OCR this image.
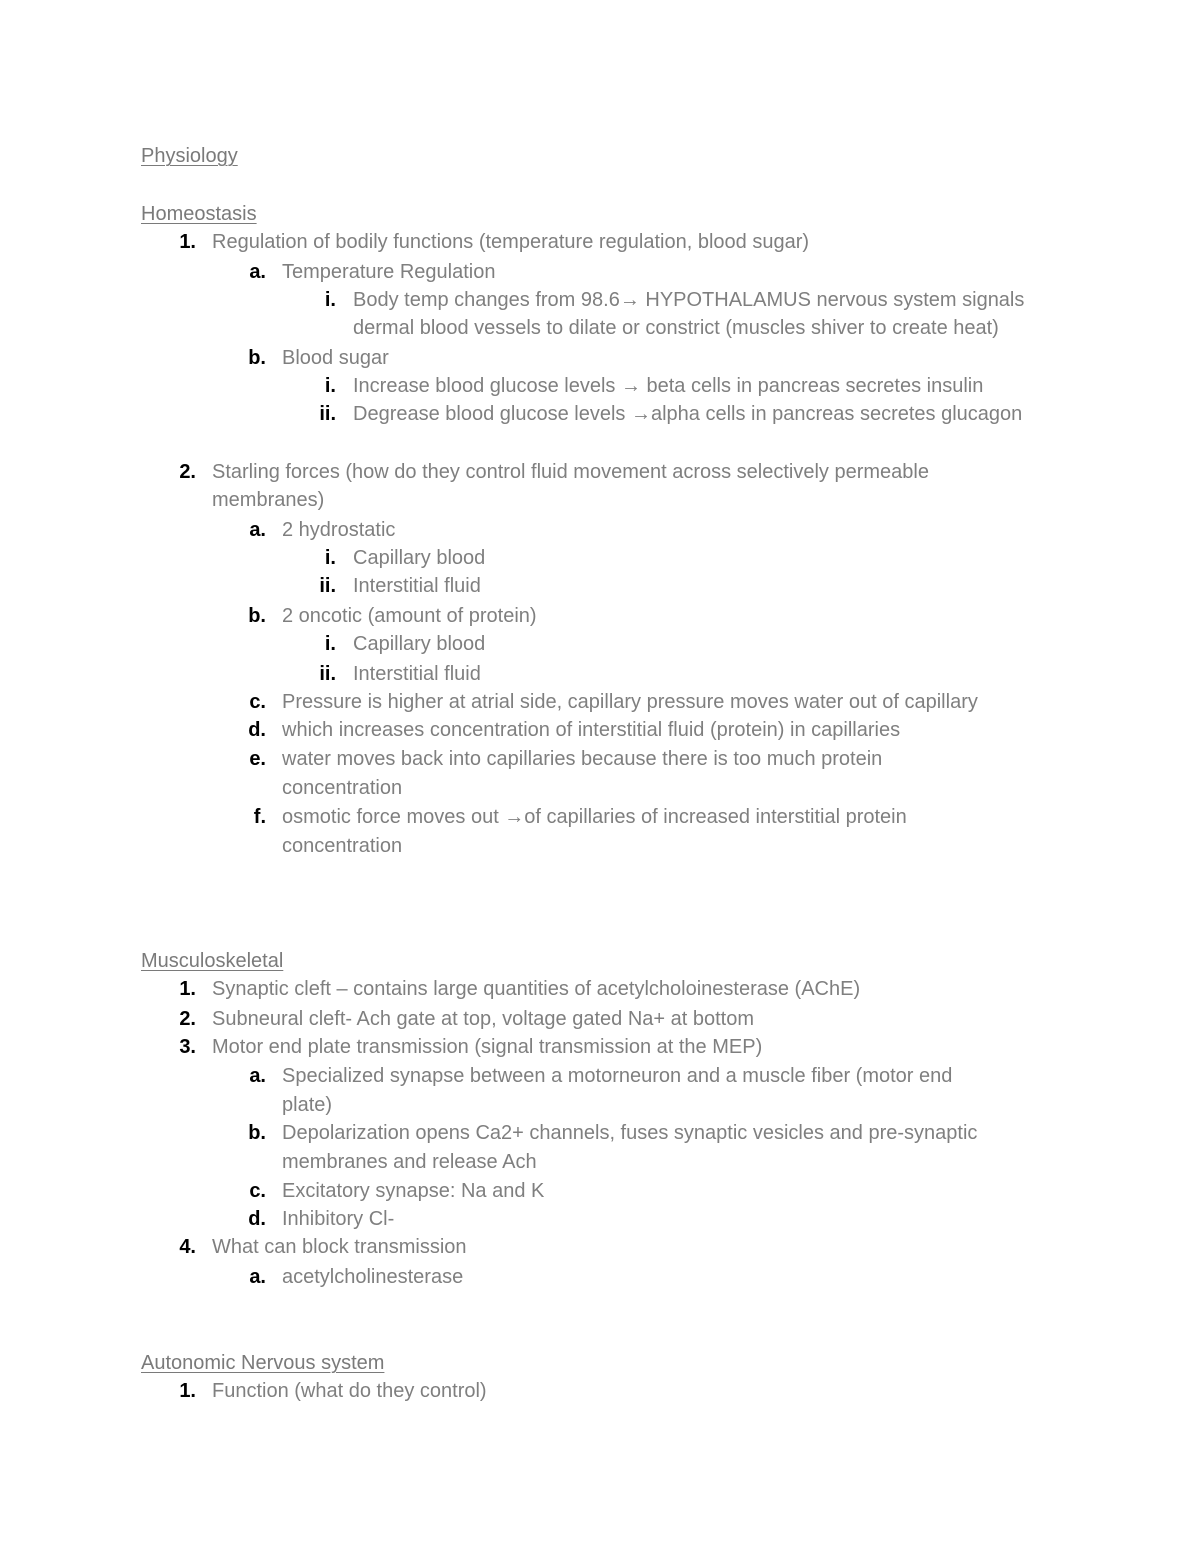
Physiology
Homeostasis
1. Regulation of bodily functions (temperature regulation, blood sugar)
a. Temperature Regulation
i. Body temp changes from 98.6→ HYPOTHALAMUS nervous system signals
dermal blood vessels to dilate or constrict (muscles shiver to create heat)
b. Blood sugar
i. Increase blood glucose levels → beta cells in pancreas secretes insulin
ii. Degrease blood glucose levels →alpha cells in pancreas secretes glucagon
2. Starling forces (how do they control fluid movement across selectively permeable
membranes)
a. 2 hydrostatic
i. Capillary blood
ii. Interstitial fluid
b. 2 oncotic (amount of protein)
i. Capillary blood
ii. Interstitial fluid
c. Pressure is higher at atrial side, capillary pressure moves water out of capillary
d. which increases concentration of interstitial fluid (protein) in capillaries
e. water moves back into capillaries because there is too much protein
concentration
f. osmotic force moves out →of capillaries of increased interstitial protein
concentration
Musculoskeletal
1. Synaptic cleft – contains large quantities of acetylcholoinesterase (AChE)
2. Subneural cleft- Ach gate at top, voltage gated Na+ at bottom
3. Motor end plate transmission (signal transmission at the MEP)
a. Specialized synapse between a motorneuron and a muscle fiber (motor end
plate)
b. Depolarization opens Ca2+ channels, fuses synaptic vesicles and pre-synaptic
membranes and release Ach
c. Excitatory synapse: Na and K
d. Inhibitory Cl-
4. What can block transmission
a. acetylcholinesterase
Autonomic Nervous system
1. Function (what do they control)
